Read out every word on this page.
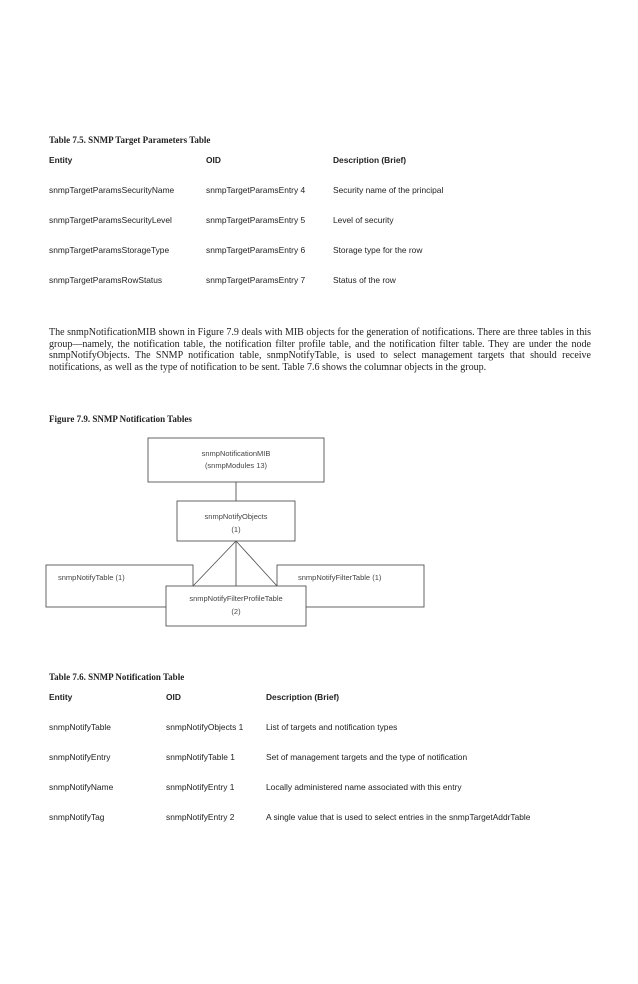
Table 7.5. SNMP Target Parameters Table
Entity	OID	Description (Brief)
snmpTargetParamsSecurityName	snmpTargetParamsEntry 4	Security name of the principal
snmpTargetParamsSecurityLevel	snmpTargetParamsEntry 5	Level of security
snmpTargetParamsStorageType	snmpTargetParamsEntry 6	Storage type for the row
snmpTargetParamsRowStatus	snmpTargetParamsEntry 7	Status of the row
The snmpNotificationMIB shown in Figure 7.9 deals with MIB objects for the generation of notifications. There are three tables in this group—namely, the notification table, the notification filter profile table, and the notification filter table. They are under the node snmpNotifyObjects. The SNMP notification table, snmpNotifyTable, is used to select management targets that should receive notifications, as well as the type of notification to be sent. Table 7.6 shows the columnar objects in the group.
Figure 7.9. SNMP Notification Tables
snmpNotificationMIB
(snmpModules 13)
snmpNotifyObjects
(1)
snmpNotifyTable (1)	snmpNotifyFilterTable (1)
snmpNotifyFilterProfileTable
(2)
Table 7.6. SNMP Notification Table
Entity	OID	Description (Brief)
snmpNotifyTable	snmpNotifyObjects 1	List of targets and notification types
snmpNotifyEntry	snmpNotifyTable 1	Set of management targets and the type of notification
snmpNotifyName	snmpNotifyEntry 1	Locally administered name associated with this entry
snmpNotifyTag	snmpNotifyEntry 2	A single value that is used to select entries in the snmpTargetAddrTable
